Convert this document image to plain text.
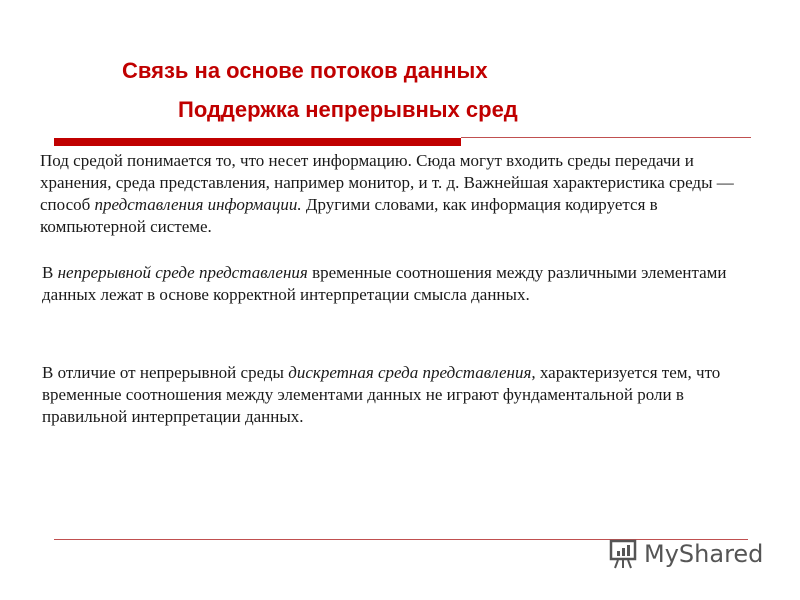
Связь на основе потоков данных
Поддержка непрерывных сред
Под средой понимается то, что несет информацию. Сюда могут входить среды передачи и хранения, среда представления, например монитор, и т. д. Важнейшая характеристика среды — способ представления информации. Другими словами, как информация кодируется в компьютерной системе.
В непрерывной среде представления временные соотношения между различными элементами данных лежат в основе корректной интерпретации смысла данных.
В отличие от непрерывной среды дискретная среда представления, характеризуется тем, что временные соотношения между элементами данных не играют фундаментальной роли в правильной интерпретации данных.
MyShared
